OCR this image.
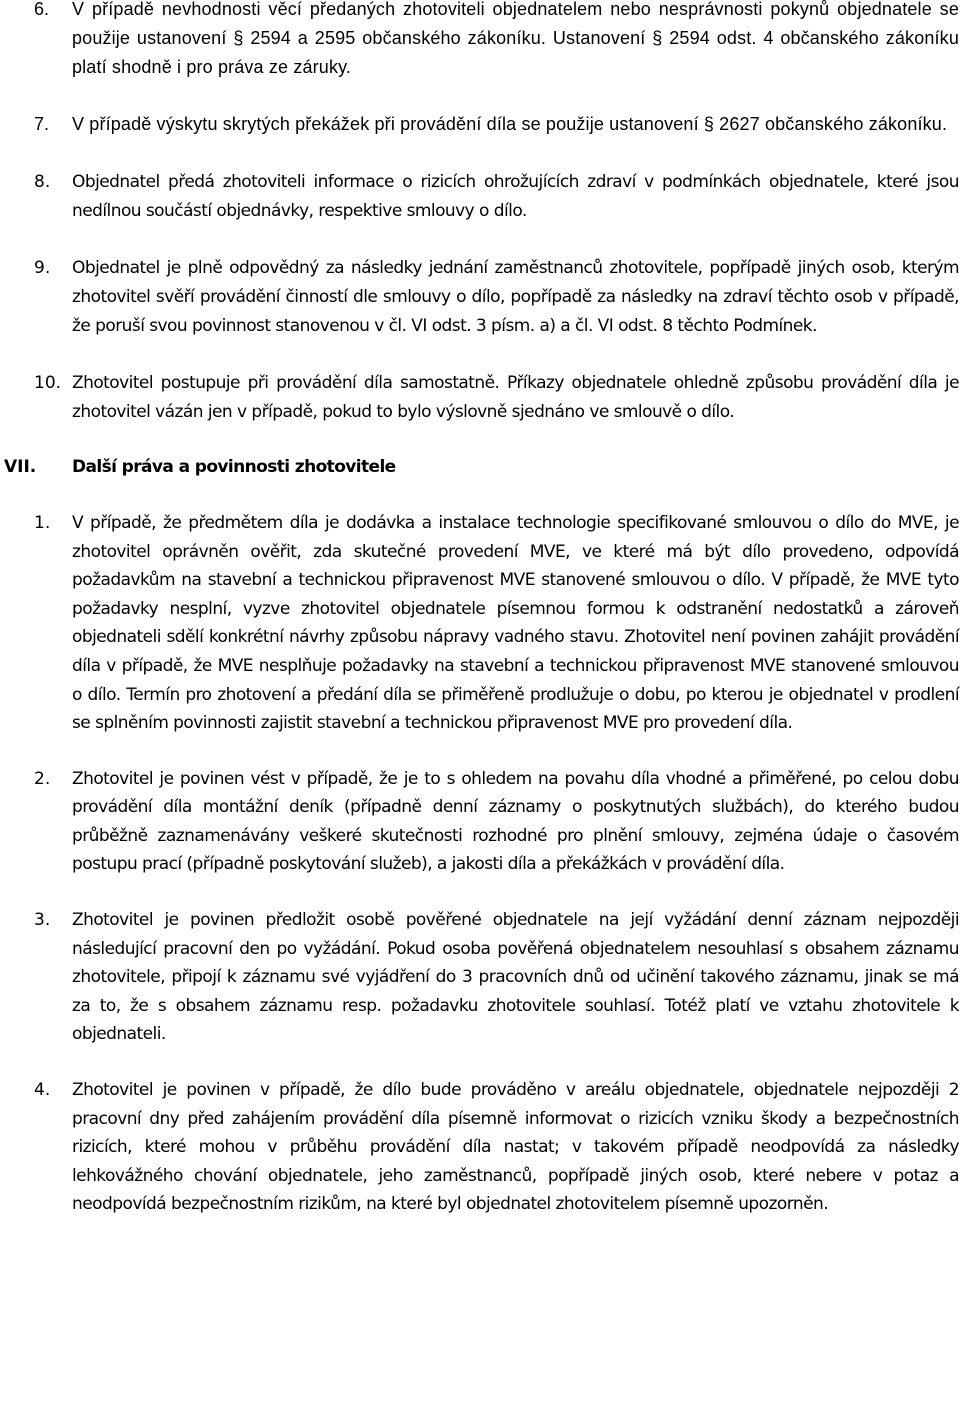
6.	V případě nevhodnosti věcí předaných zhotoviteli objednatelem nebo nesprávnosti pokynů objednatele se použije ustanovení § 2594 a 2595 občanského zákoníku. Ustanovení § 2594 odst. 4 občanského zákoníku platí shodně i pro práva ze záruky.
7.	V případě výskytu skrytých překážek při provádění díla se použije ustanovení § 2627 občanského zákoníku.
8.	Objednatel předá zhotoviteli informace o rizicích ohrožujících zdraví v podmínkách objednatele, které jsou nedílnou součástí objednávky, respektive smlouvy o dílo.
9.	Objednatel je plně odpovědný za následky jednání zaměstnanců zhotovitele, popřípadě jiných osob, kterým zhotovitel svěří provádění činností dle smlouvy o dílo, popřípadě za následky na zdraví těchto osob v případě, že poruší svou povinnost stanovenou v čl. VI odst. 3 písm. a) a čl. VI odst. 8 těchto Podmínek.
10. Zhotovitel postupuje při provádění díla samostatně. Příkazy objednatele ohledně způsobu provádění díla je zhotovitel vázán jen v případě, pokud to bylo výslovně sjednáno ve smlouvě o dílo.
VII.	Další práva a povinnosti zhotovitele
1.	V případě, že předmětem díla je dodávka a instalace technologie specifikované smlouvou o dílo do MVE, je zhotovitel oprávněn ověřit, zda skutečné provedení MVE, ve které má být dílo provedeno, odpovídá požadavkům na stavební a technickou připravenost MVE stanovené smlouvou o dílo. V případě, že MVE tyto požadavky nesplní, vyzve zhotovitel objednatele písemnou formou k odstranění nedostatků a zároveň objednateli sdělí konkrétní návrhy způsobu nápravy vadného stavu. Zhotovitel není povinen zahájit provádění díla v případě, že MVE nesplňuje požadavky na stavební a technickou připravenost MVE stanovené smlouvou o dílo. Termín pro zhotovení a předání díla se přiměřeně prodlužuje o dobu, po kterou je objednatel v prodlení se splněním povinnosti zajistit stavební a technickou připravenost MVE pro provedení díla.
2.	Zhotovitel je povinen vést v případě, že je to s ohledem na povahu díla vhodné a přiměřené, po celou dobu provádění díla montážní deník (případně denní záznamy o poskytnutých službách), do kterého budou průběžně zaznamenávány veškeré skutečnosti rozhodné pro plnění smlouvy, zejména údaje o časovém postupu prací (případně poskytování služeb), a jakosti díla a překážkách v provádění díla.
3.	Zhotovitel je povinen předložit osobě pověřené objednatele na její vyžádání denní záznam nejpozději následující pracovní den po vyžádání. Pokud osoba pověřená objednatelem nesouhlasí s obsahem záznamu zhotovitele, připojí k záznamu své vyjádření do 3 pracovních dnů od učinění takového záznamu, jinak se má za to, že s obsahem záznamu resp. požadavku zhotovitele souhlasí. Totéž platí ve vztahu zhotovitele k objednateli.
4.	Zhotovitel je povinen v případě, že dílo bude prováděno v areálu objednatele, objednatele nejpozději 2 pracovní dny před zahájením provádění díla písemně informovat o rizicích vzniku škody a bezpečnostních rizicích, které mohou v průběhu provádění díla nastat; v takovém případě neodpovídá za následky lehkovážného chování objednatele, jeho zaměstnanců, popřípadě jiných osob, které nebere v potaz a neodpovídá bezpečnostním rizikům, na které byl objednatel zhotovitelem písemně upozorněn.
